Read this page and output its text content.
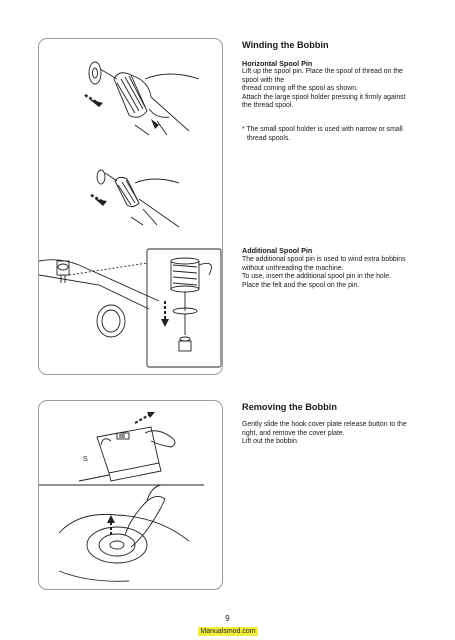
S
Winding the Bobbin
Horizontal Spool Pin

Lift up the spool pin. Place the spool of thread on the

spool with the

thread coming off the spool as shown.

Attach the large spool holder pressing it firmly against

the thread spool.

* The small spool holder is used with narrow or small

thread spools.

Additional Spool Pin

The additional spool pin is used to wind extra bobbins

without unthreading the machine.

To use, insert the additional spool pin in the hole.

Place the felt and the spool on the pin.

Removing the Bobbin

Gently slide the hook cover plate release button to the

right, and remove the cover plate.

Lift out the bobbin.

9
Manualsmod.com
